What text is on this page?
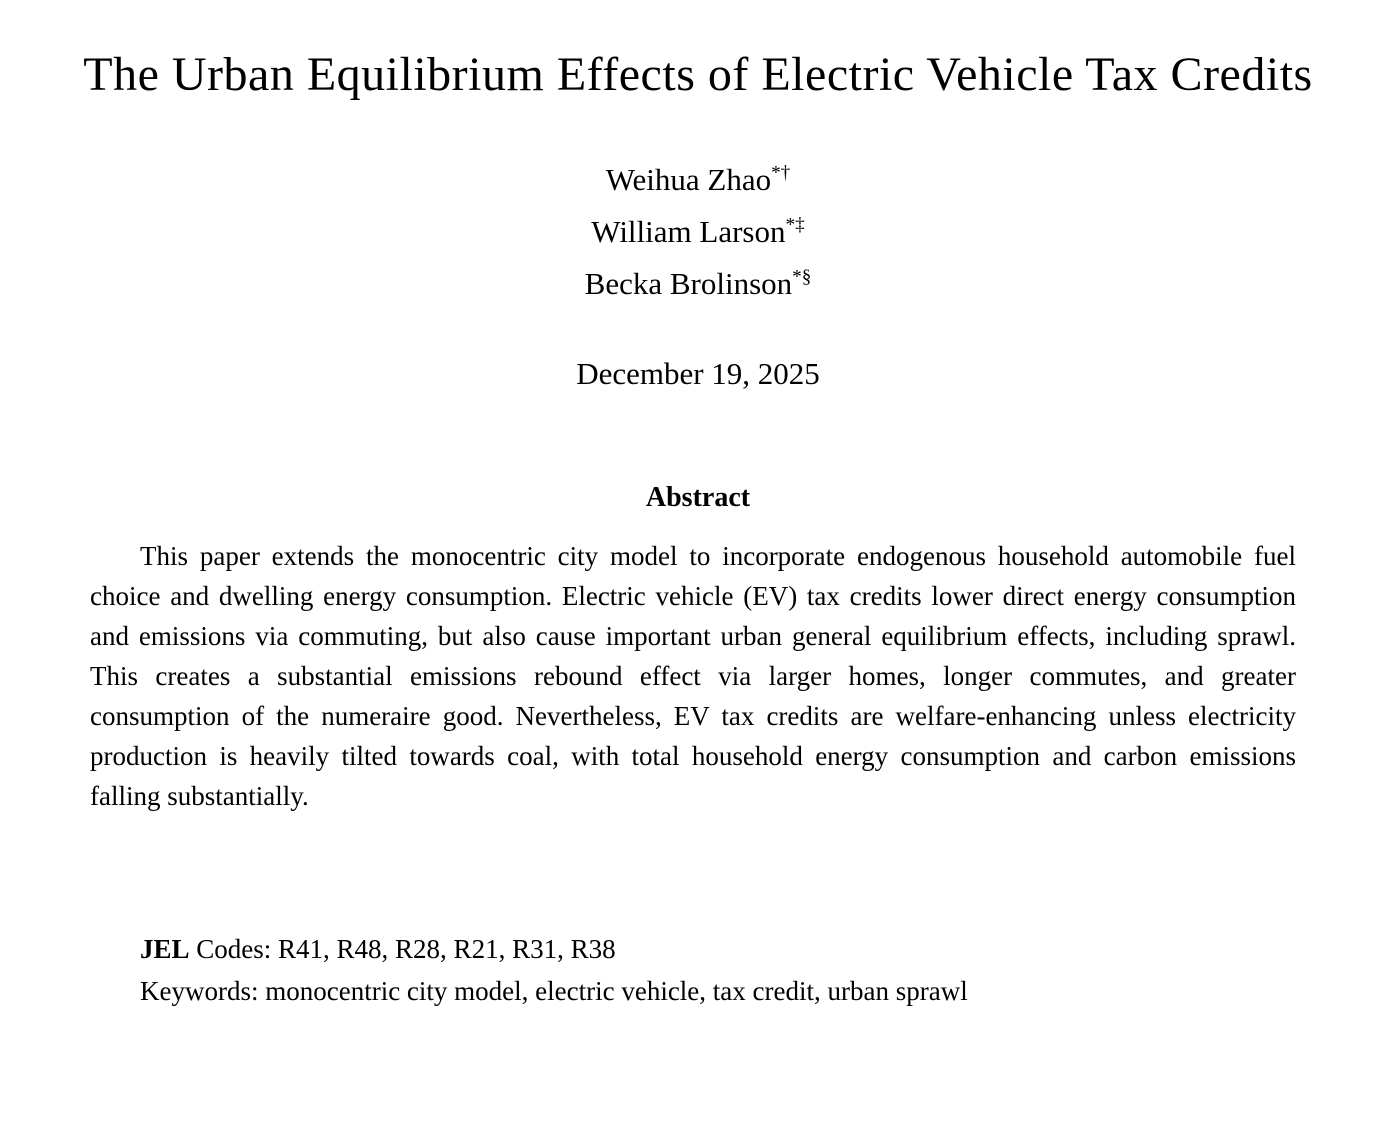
The Urban Equilibrium Effects of Electric Vehicle Tax Credits
Weihua Zhao*†
William Larson*‡
Becka Brolinson*§
December 19, 2025
Abstract

This paper extends the monocentric city model to incorporate endogenous household automobile fuel choice and dwelling energy consumption. Electric vehicle (EV) tax credits lower direct energy consumption and emissions via commuting, but also cause important urban general equilibrium effects, including sprawl. This creates a substantial emissions rebound effect via larger homes, longer commutes, and greater consumption of the numeraire good. Nevertheless, EV tax credits are welfare-enhancing unless electricity production is heavily tilted towards coal, with total household energy consumption and carbon emissions falling substantially.

JEL Codes: R41, R48, R28, R21, R31, R38
Keywords: monocentric city model, electric vehicle, tax credit, urban sprawl
